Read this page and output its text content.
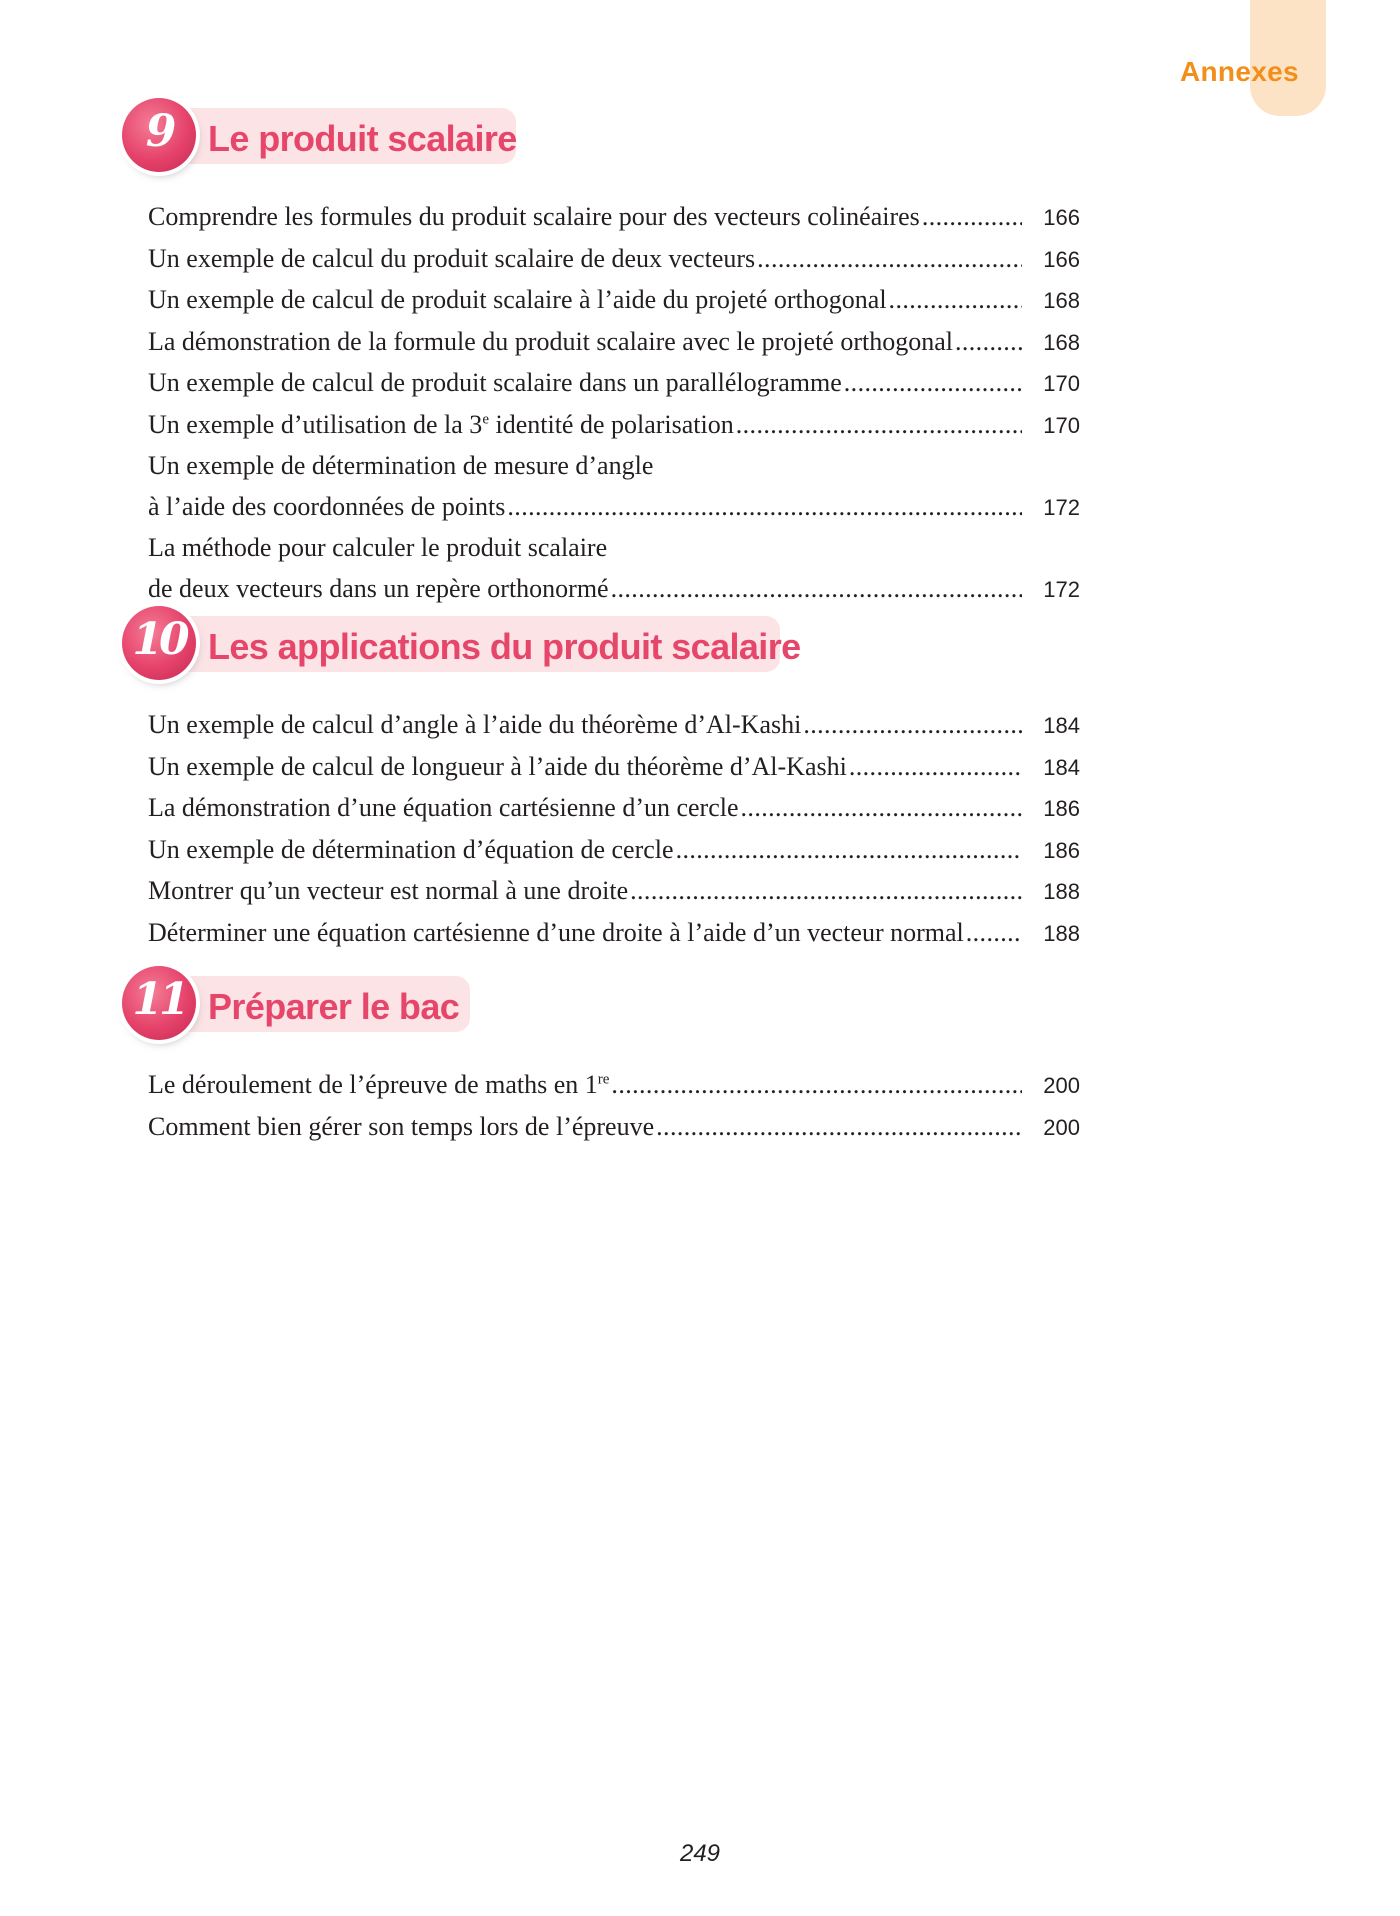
Annexes
Le produit scalaire
9
Comprendre les formules du produit scalaire pour des vecteurs colinéaires .....	166
Un exemple de calcul du produit scalaire de deux vecteurs .....	166
Un exemple de calcul de produit scalaire à l’aide du projeté orthogonal .....	168
La démonstration de la formule du produit scalaire avec le projeté orthogonal .....	168
Un exemple de calcul de produit scalaire dans un parallélogramme .....	170
Un exemple d’utilisation de la 3e identité de polarisation .....	170
Un exemple de détermination de mesure d’angle
à l’aide des coordonnées de points .....	172
La méthode pour calculer le produit scalaire
de deux vecteurs dans un repère orthonormé .....	172
Les applications du produit scalaire
10
Un exemple de calcul d’angle à l’aide du théorème d’Al-Kashi .....	184
Un exemple de calcul de longueur à l’aide du théorème d’Al-Kashi .....	184
La démonstration d’une équation cartésienne d’un cercle .....	186
Un exemple de détermination d’équation de cercle .....	186
Montrer qu’un vecteur est normal à une droite .....	188
Déterminer une équation cartésienne d’une droite à l’aide d’un vecteur normal .....	188
Préparer le bac
11
Le déroulement de l’épreuve de maths en 1re .....	200
Comment bien gérer son temps lors de l’épreuve .....	200
249
